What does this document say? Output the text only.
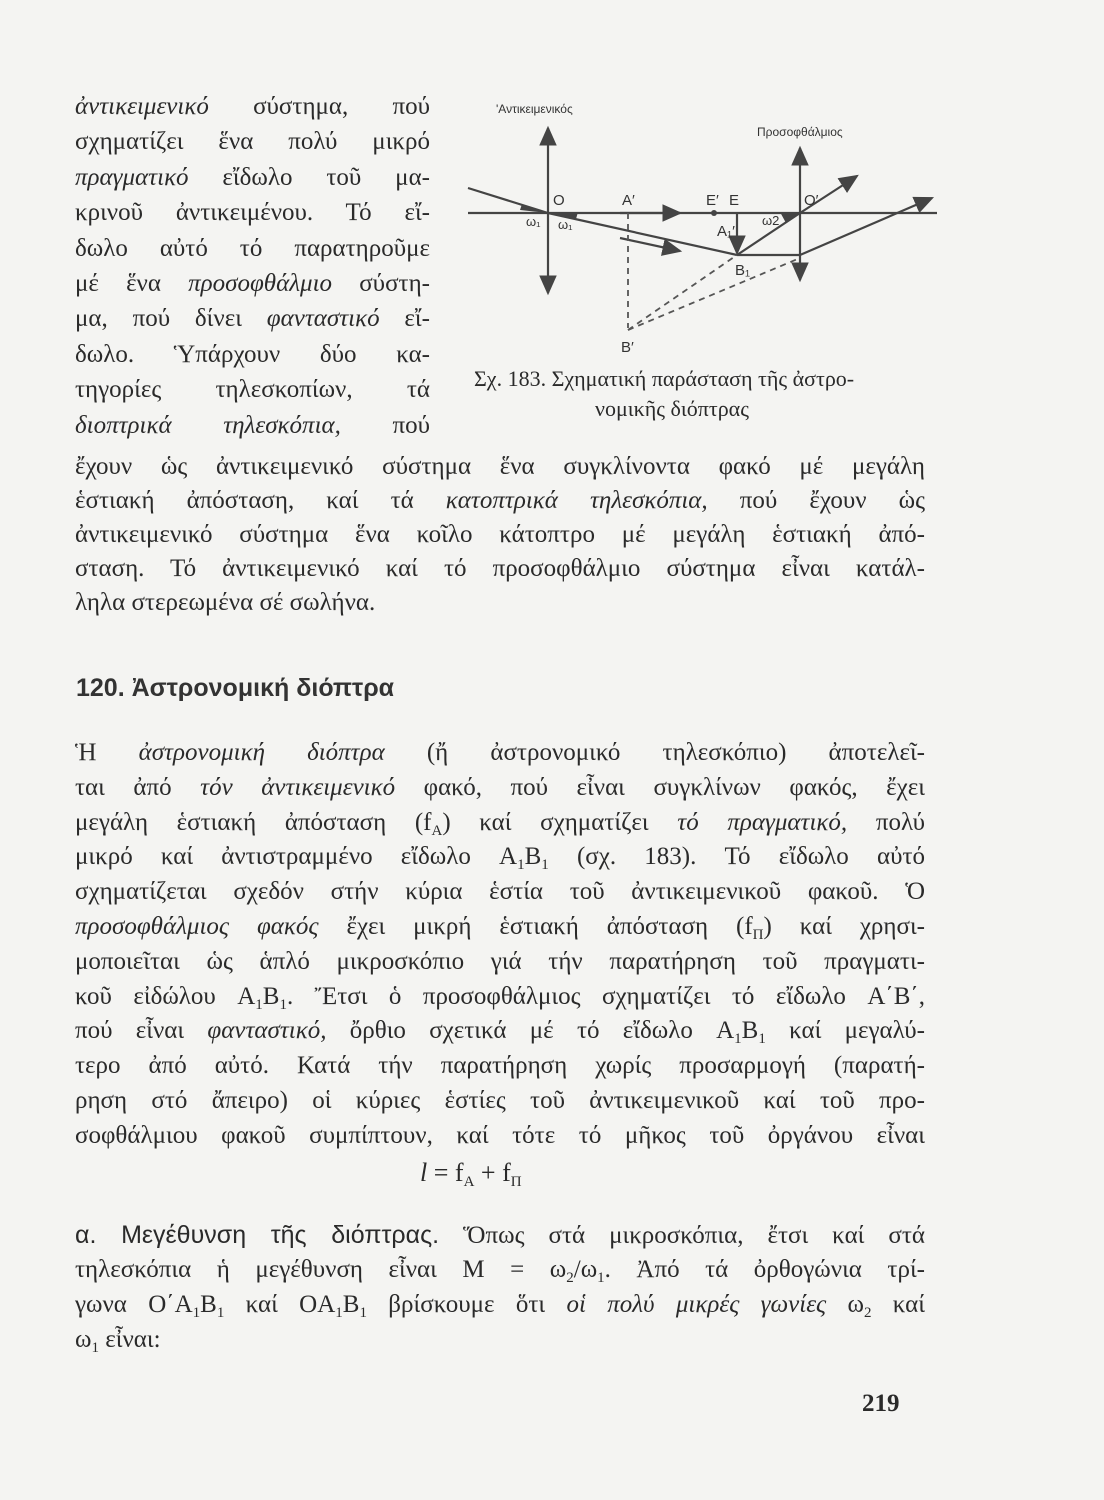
'Αντικειμενικός
Προσοφθάλμιος
O	A′	E′ E	O′
ω₁ ω₁	A₁′
ω2
B₁
B′
Σχ. 183. Σχηματική παράσταση τῆς ἀστρο-
νομικῆς διόπτρας
120. Ἀστρονομική διόπτρα
$l = f_A + f_\Pi$
219
ἀντικειμενικό σύστημα, πού
σχηματίζει ἕνα πολύ μικρό
πραγματικό εἴδωλο τοῦ μα-
κρινοῦ ἀντικειμένου. Τό εἴ-
δωλο αὐτό τό παρατηροῦμε
μέ ἕνα προσοφθάλμιο σύστη-
μα, πού δίνει φανταστικό εἴ-
δωλο. Ὑπάρχουν δύο κα-
τηγορίες τηλεσκοπίων, τά
διοπτρικά τηλεσκόπια, πού
ἔχουν ὡς ἀντικειμενικό σύστημα ἕνα συγκλίνοντα φακό μέ μεγάλη
ἑστιακή ἀπόσταση, καί τά κατοπτρικά τηλεσκόπια, πού ἔχουν ὡς
ἀντικειμενικό σύστημα ἕνα κοῖλο κάτοπτρο μέ μεγάλη ἑστιακή ἀπό-
σταση. Τό ἀντικειμενικό καί τό προσοφθάλμιο σύστημα εἶναι κατάλ-
ληλα στερεωμένα σέ σωλήνα.
Ἡ ἀστρονομική διόπτρα (ἤ ἀστρονομικό τηλεσκόπιο) ἀποτελεῖ-
ται ἀπό τόν ἀντικειμενικό φακό, πού εἶναι συγκλίνων φακός, ἔχει
μεγάλη ἑστιακή ἀπόσταση $(f_A)$ καί σχηματίζει τό πραγματικό, πολύ
μικρό καί ἀντιστραμμένο εἴδωλο $A_1B_1$ (σχ. 183). Τό εἴδωλο αὐτό
σχηματίζεται σχεδόν στήν κύρια ἑστία τοῦ ἀντικειμενικοῦ φακοῦ. Ὁ
προσοφθάλμιος φακός ἔχει μικρή ἑστιακή ἀπόσταση $(f_\Pi)$ καί χρησι-
μοποιεῖται ὡς ἁπλό μικροσκόπιο γιά τήν παρατήρηση τοῦ πραγματι-
κοῦ εἰδώλου $A_1B_1$. Ἔτσι ὁ προσοφθάλμιος σχηματίζει τό εἴδωλο A΄B΄,
πού εἶναι φανταστικό, ὄρθιο σχετικά μέ τό εἴδωλο $A_1B_1$ καί μεγαλύ-
τερο ἀπό αὐτό. Κατά τήν παρατήρηση χωρίς προσαρμογή (παρατή-
ρηση στό ἄπειρο) οἱ κύριες ἑστίες τοῦ ἀντικειμενικοῦ καί τοῦ προ-
σοφθάλμιου φακοῦ συμπίπτουν, καί τότε τό μῆκος τοῦ ὀργάνου εἶναι
α. Μεγέθυνση τῆς διόπτρας. Ὅπως στά μικροσκόπια, ἔτσι καί στά
τηλεσκόπια ἡ μεγέθυνση εἶναι $M = \omega_2/\omega_1$. Ἀπό τά ὀρθογώνια τρί-
γωνα $O΄A_1B_1$ καί $OA_1B_1$ βρίσκουμε ὅτι οἱ πολύ μικρές γωνίες $\omega_2$ καί
$\omega_1$ εἶναι:
